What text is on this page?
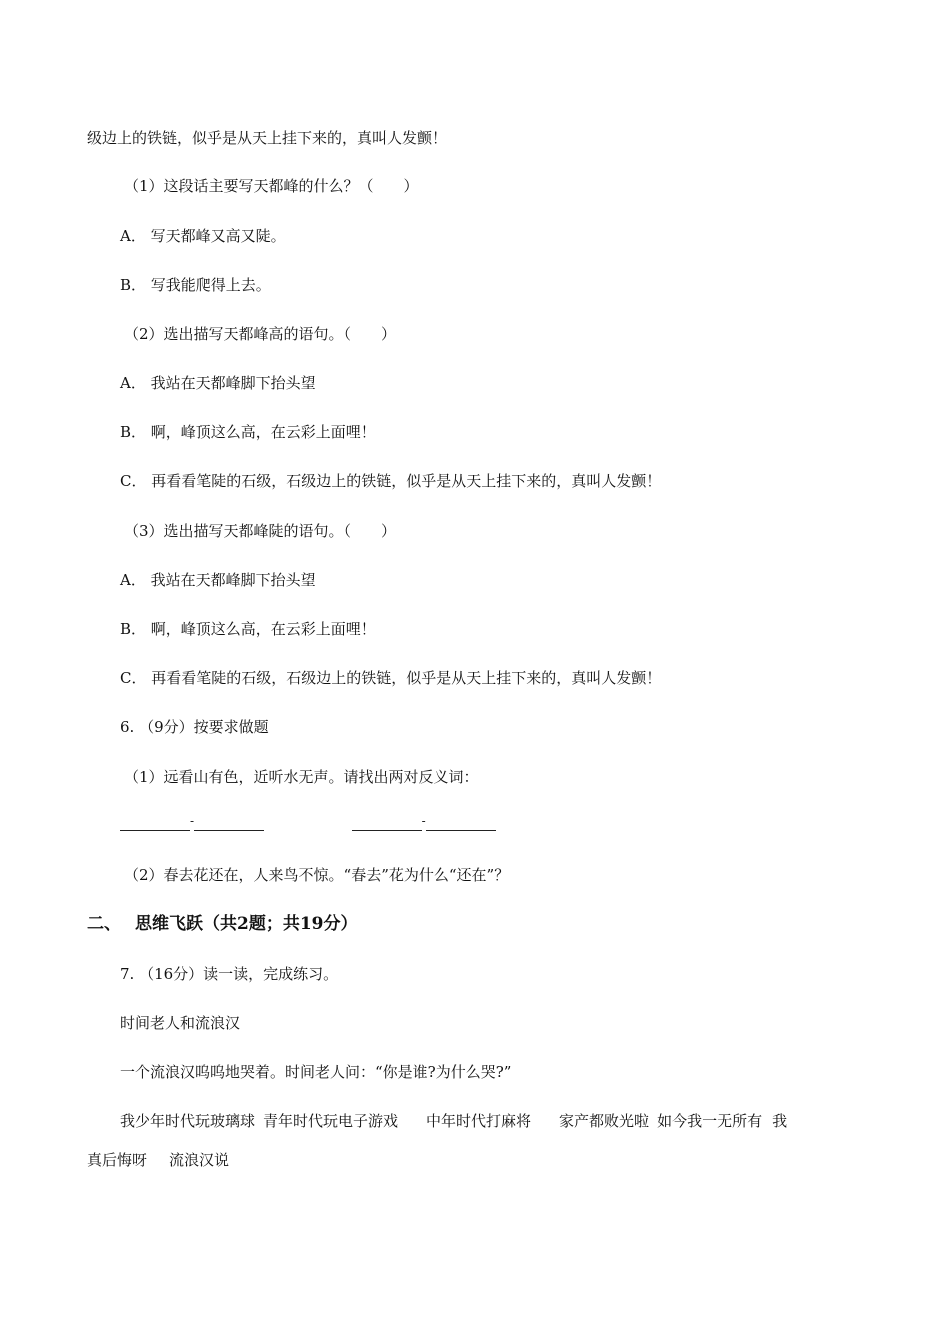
级边上的铁链，似乎是从天上挂下来的，真叫人发颤！
（1）这段话主要写天都峰的什么？（　　）
A． 写天都峰又高又陡。
B． 写我能爬得上去。
（2）选出描写天都峰高的语句。（　　）
A． 我站在天都峰脚下抬头望
B． 啊，峰顶这么高，在云彩上面哩！
C． 再看看笔陡的石级，石级边上的铁链，似乎是从天上挂下来的，真叫人发颤！
（3）选出描写天都峰陡的语句。（　　）
A． 我站在天都峰脚下抬头望
B． 啊，峰顶这么高，在云彩上面哩！
C． 再看看笔陡的石级，石级边上的铁链，似乎是从天上挂下来的，真叫人发颤！
6. （9分）按要求做题
（1）远看山有色，近听水无声。请找出两对反义词：
-	-
（2）春去花还在，人来鸟不惊。“春去”花为什么“还在”？
二、 思维飞跃（共2题；共19分）
7. （16分）读一读，完成练习。
时间老人和流浪汉
一个流浪汉呜呜地哭着。时间老人问：“你是谁?为什么哭?”
我少年时代玩玻璃球 青年时代玩电子游戏 中年时代打麻将 家产都败光啦 如今我一无所有 我
真后悔呀 流浪汉说
